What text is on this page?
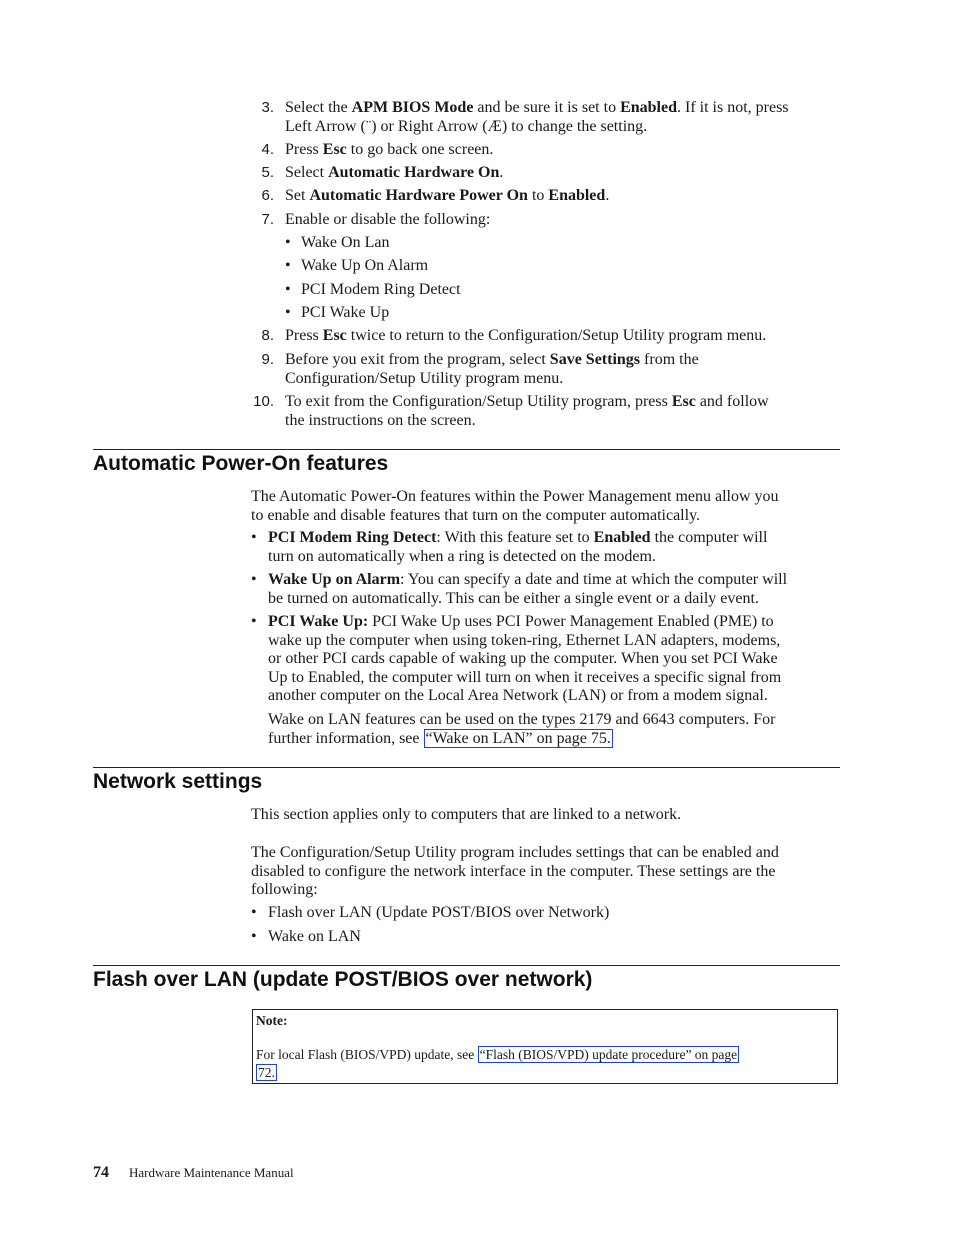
3. Select the APM BIOS Mode and be sure it is set to Enabled. If it is not, press
Left Arrow (¨) or Right Arrow (Æ) to change the setting.
4. Press Esc to go back one screen.
5. Select Automatic Hardware On.
6. Set Automatic Hardware Power On to Enabled.
7. Enable or disable the following:
• Wake On Lan
• Wake Up On Alarm
• PCI Modem Ring Detect
• PCI Wake Up
8. Press Esc twice to return to the Configuration/Setup Utility program menu.
9. Before you exit from the program, select Save Settings from the
Configuration/Setup Utility program menu.
10. To exit from the Configuration/Setup Utility program, press Esc and follow
the instructions on the screen.
Automatic Power-On features
The Automatic Power-On features within the Power Management menu allow you
to enable and disable features that turn on the computer automatically.
• PCI Modem Ring Detect: With this feature set to Enabled the computer will
turn on automatically when a ring is detected on the modem.
• Wake Up on Alarm: You can specify a date and time at which the computer will
be turned on automatically. This can be either a single event or a daily event.
• PCI Wake Up: PCI Wake Up uses PCI Power Management Enabled (PME) to
wake up the computer when using token-ring, Ethernet LAN adapters, modems,
or other PCI cards capable of waking up the computer. When you set PCI Wake
Up to Enabled, the computer will turn on when it receives a specific signal from
another computer on the Local Area Network (LAN) or from a modem signal.
Wake on LAN features can be used on the types 2179 and 6643 computers. For
further information, see “Wake on LAN” on page 75.
Network settings
This section applies only to computers that are linked to a network.
The Configuration/Setup Utility program includes settings that can be enabled and
disabled to configure the network interface in the computer. These settings are the
following:
• Flash over LAN (Update POST/BIOS over Network)
• Wake on LAN
Flash over LAN (update POST/BIOS over network)
Note:
For local Flash (BIOS/VPD) update, see “Flash (BIOS/VPD) update procedure” on page
72.
74 Hardware Maintenance Manual
